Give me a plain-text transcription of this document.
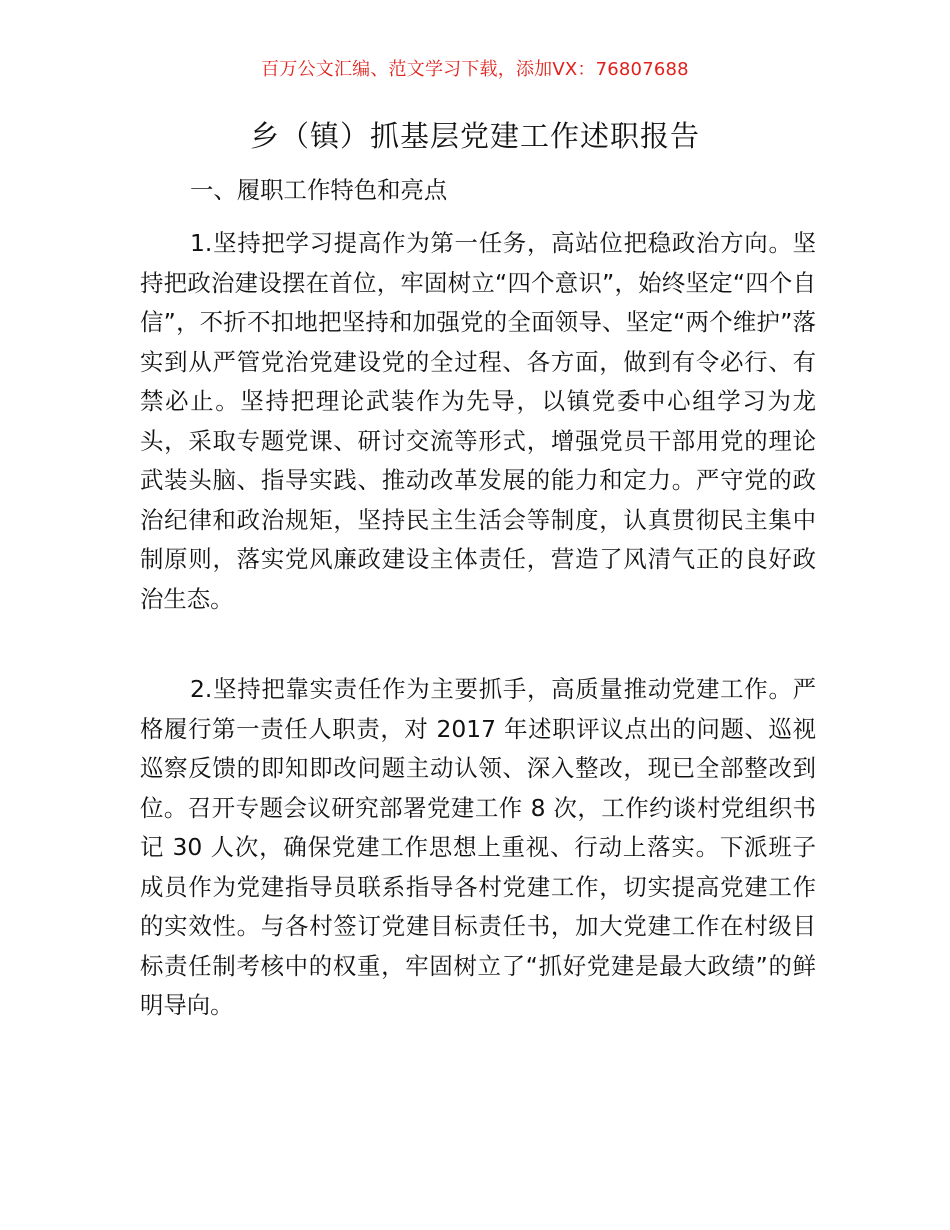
百万公文汇编、范文学习下载，添加VX：76807688
乡（镇）抓基层党建工作述职报告
一、履职工作特色和亮点
1.坚持把学习提高作为第一任务，高站位把稳政治方向。坚持把政治建设摆在首位，牢固树立“四个意识”，始终坚定“四个自信”，不折不扣地把坚持和加强党的全面领导、坚定“两个维护”落实到从严管党治党建设党的全过程、各方面，做到有令必行、有禁必止。坚持把理论武装作为先导，以镇党委中心组学习为龙头，采取专题党课、研讨交流等形式，增强党员干部用党的理论武装头脑、指导实践、推动改革发展的能力和定力。严守党的政治纪律和政治规矩，坚持民主生活会等制度，认真贯彻民主集中制原则，落实党风廉政建设主体责任，营造了风清气正的良好政治生态。
2.坚持把靠实责任作为主要抓手，高质量推动党建工作。严格履行第一责任人职责，对 2017 年述职评议点出的问题、巡视巡察反馈的即知即改问题主动认领、深入整改，现已全部整改到位。召开专题会议研究部署党建工作 8 次，工作约谈村党组织书记 30 人次，确保党建工作思想上重视、行动上落实。下派班子成员作为党建指导员联系指导各村党建工作，切实提高党建工作的实效性。与各村签订党建目标责任书，加大党建工作在村级目标责任制考核中的权重，牢固树立了“抓好党建是最大政绩”的鲜明导向。
